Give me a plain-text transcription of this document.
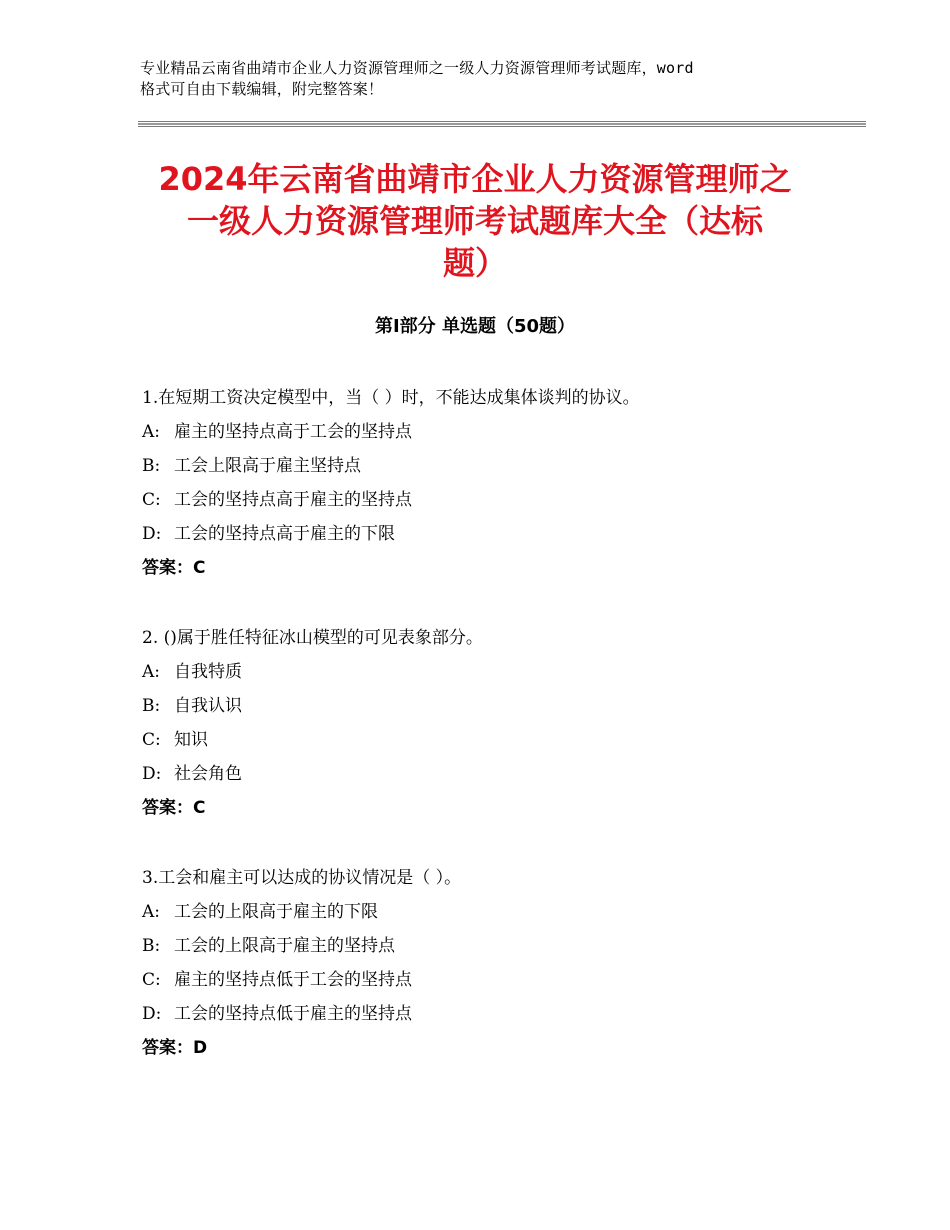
专业精品云南省曲靖市企业人力资源管理师之一级人力资源管理师考试题库，word
格式可自由下载编辑，附完整答案！
2024年云南省曲靖市企业人力资源管理师之
一级人力资源管理师考试题库大全（达标
题）
第Ⅰ部分 单选题（50题）
1.在短期工资决定模型中，当（ ）时，不能达成集体谈判的协议。
A: 雇主的坚持点高于工会的坚持点
B: 工会上限高于雇主坚持点
C: 工会的坚持点高于雇主的坚持点
D: 工会的坚持点高于雇主的下限
答案：C
2. ()属于胜任特征冰山模型的可见表象部分。
A: 自我特质
B: 自我认识
C: 知识
D: 社会角色
答案：C
3.工会和雇主可以达成的协议情况是（ ）。
A: 工会的上限高于雇主的下限
B: 工会的上限高于雇主的坚持点
C: 雇主的坚持点低于工会的坚持点
D: 工会的坚持点低于雇主的坚持点
答案：D
